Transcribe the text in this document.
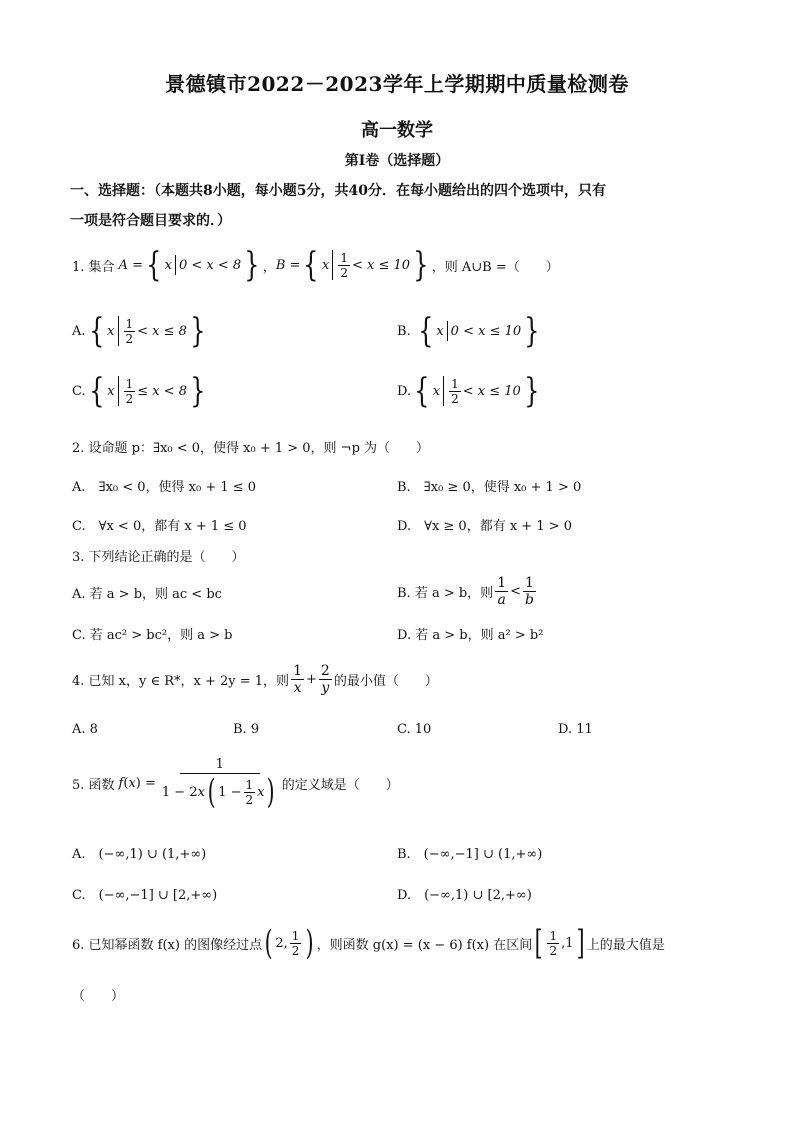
景德镇市2022－2023学年上学期期中质量检测卷
高一数学
第Ⅰ卷（选择题）
一、选择题：（本题共8小题，每小题5分，共40分．在每小题给出的四个选项中，只有
一项是符合题目要求的．）
1. 集合 A = { x 0 < x < 8 } ， B = { x $\frac{1}{2} < x \le 10$ } ，则 A∪B =（　　）
A. { x $\frac{1}{2} < x \le 8$ }	B. { x 0 < x ≤ 10 }
C. { x $\frac{1}{2} \le x < 8$ }	D. { x $\frac{1}{2} < x \le 10$ }
2. 设命题 p：∃x₀ < 0，使得 x₀ + 1 > 0，则 ¬p 为（　　）
A.　∃x₀ < 0，使得 x₀ + 1 ≤ 0	B.　∃x₀ ≥ 0，使得 x₀ + 1 > 0
C.　∀x < 0，都有 x + 1 ≤ 0	D.　∀x ≥ 0，都有 x + 1 > 0
3. 下列结论正确的是（　　）
A. 若 a > b，则 ac < bc	B. 若 a > b，则 $\frac{1}{a} < \frac{1}{b}$
C. 若 ac² > bc²，则 a > b	D. 若 a > b，则 a² > b²
4. 已知 x，y ∈ R*，x + 2y = 1，则 $\frac{1}{x} + \frac{2}{y}$ 的最小值（　　）
A. 8	B. 9	C. 10	D. 11
5. 函数 f ( x ) = $\frac{1}{1 - 2 x ( 1 - \frac{1}{2} x )}$ 的定义域是（　　）
A.　(−∞,1) ∪ (1,+∞)	B.　(−∞,−1] ∪ (1,+∞)
C.　(−∞,−1] ∪ [2,+∞)	D.　(−∞,1) ∪ [2,+∞)
6. 已知幂函数 f(x) 的图像经过点 ( 2, $\frac{1}{2}$ ) ，则函数 g(x) = (x − 6) f(x) 在区间 [ $\frac{1}{2} ,1$ ] 上的最大值是
（　　）
